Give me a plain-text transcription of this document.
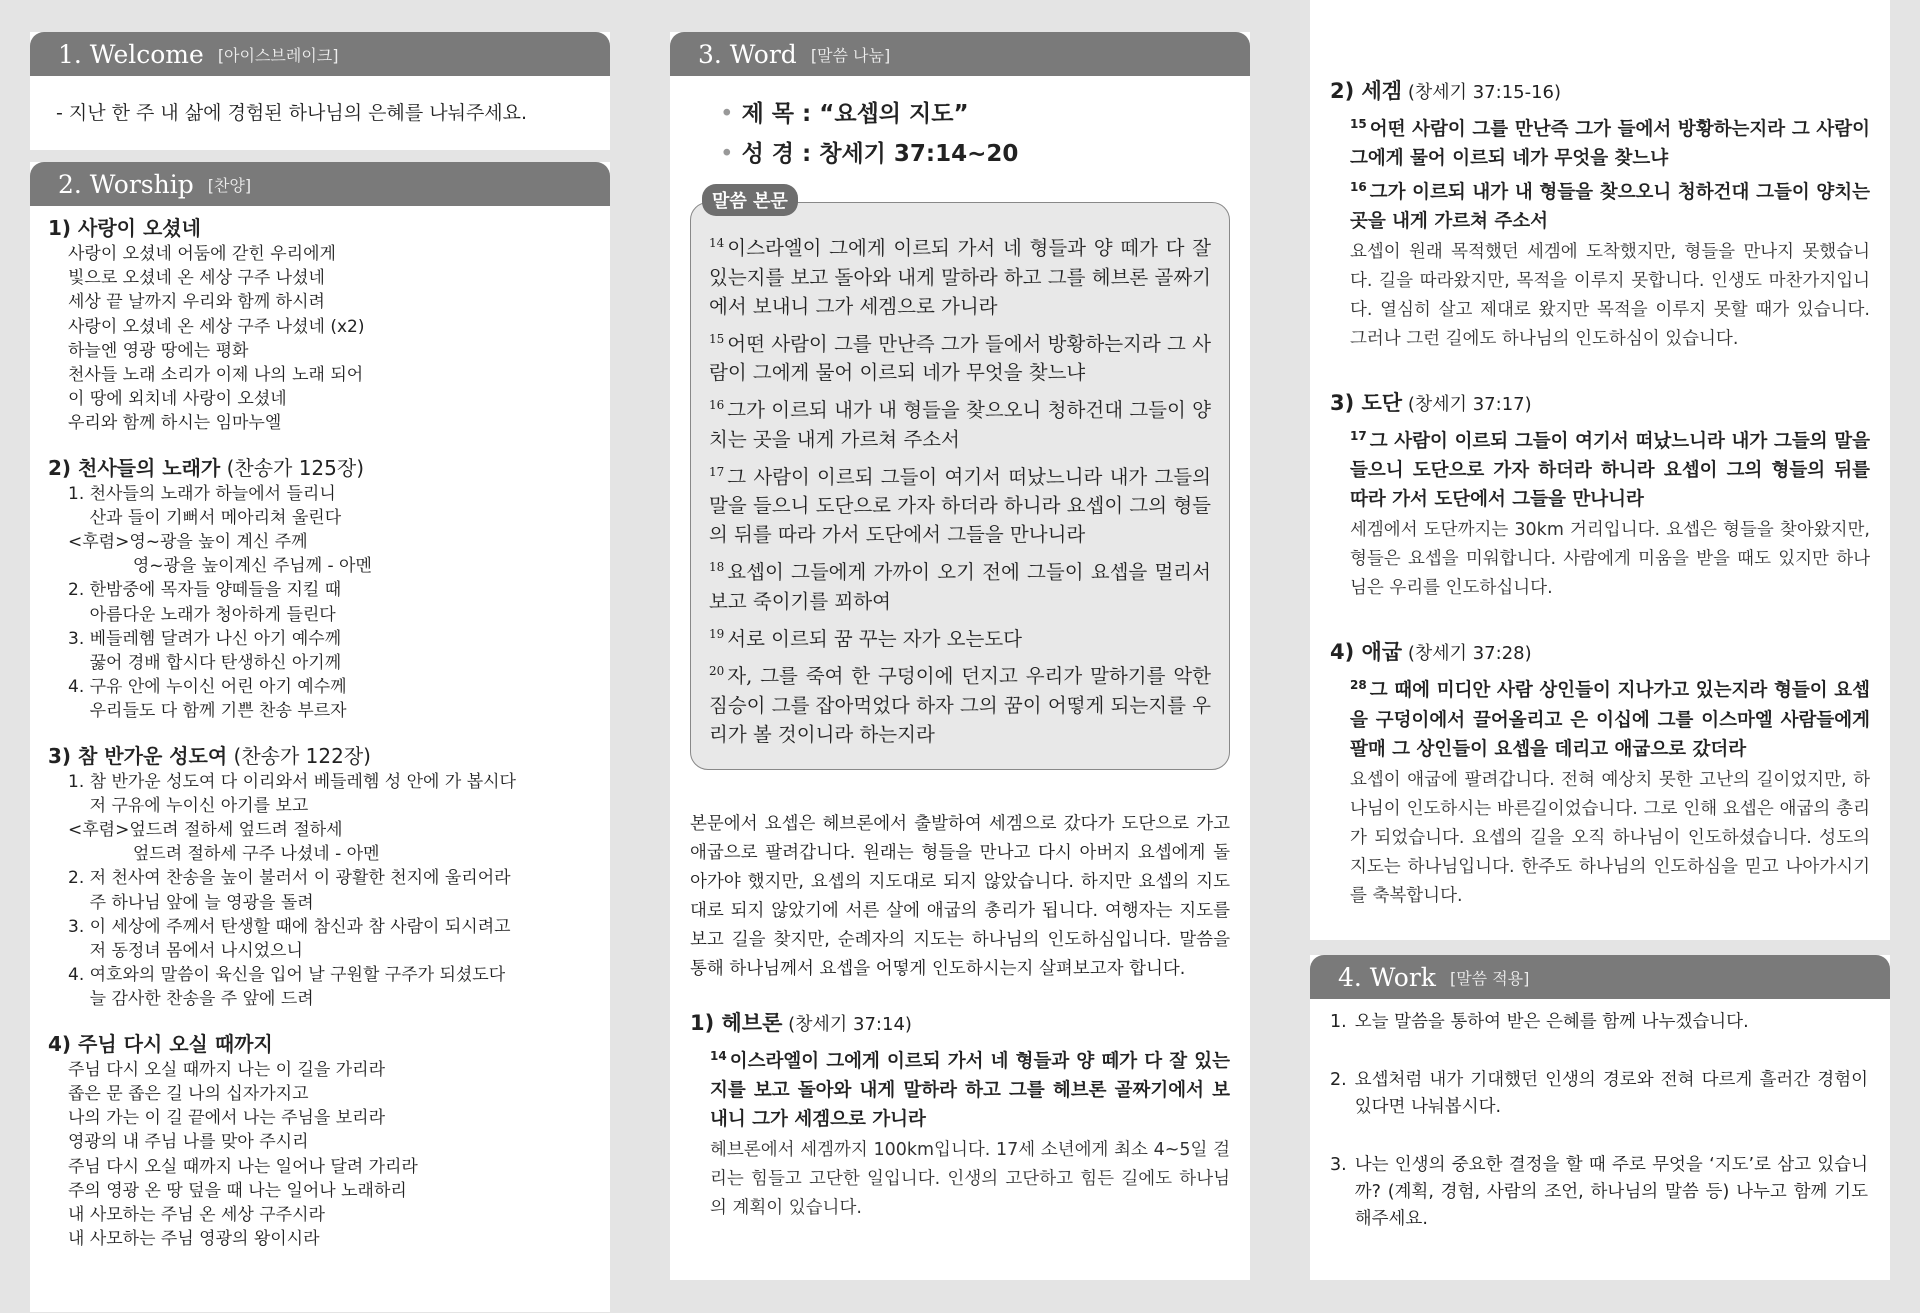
1. Welcome [아이스브레이크]
- 지난 한 주 내 삶에 경험된 하나님의 은혜를 나눠주세요.
2. Worship [찬양]
1) 사랑이 오셨네
사랑이 오셨네 어둠에 갇힌 우리에게
빛으로 오셨네 온 세상 구주 나셨네
세상 끝 날까지 우리와 함께 하시려
사랑이 오셨네 온 세상 구주 나셨네 (x2)
하늘엔 영광 땅에는 평화
천사들 노래 소리가 이제 나의 노래 되어
이 땅에 외치네 사랑이 오셨네
우리와 함께 하시는 임마누엘
2) 천사들의 노래가 (찬송가 125장)
1. 천사들의 노래가 하늘에서 들리니
산과 들이 기뻐서 메아리쳐 울린다
<후렴>영~광을 높이 계신 주께
영~광을 높이계신 주님께 - 아멘
2. 한밤중에 목자들 양떼들을 지킬 때
아름다운 노래가 청아하게 들린다
3. 베들레헴 달려가 나신 아기 예수께
꿇어 경배 합시다 탄생하신 아기께
4. 구유 안에 누이신 어린 아기 예수께
우리들도 다 함께 기쁜 찬송 부르자
3) 참 반가운 성도여 (찬송가 122장)
1. 참 반가운 성도여 다 이리와서 베들레헴 성 안에 가 봅시다
저 구유에 누이신 아기를 보고
<후렴>엎드려 절하세 엎드려 절하세
엎드려 절하세 구주 나셨네 - 아멘
2. 저 천사여 찬송을 높이 불러서 이 광활한 천지에 울리어라
주 하나님 앞에 늘 영광을 돌려
3. 이 세상에 주께서 탄생할 때에 참신과 참 사람이 되시려고
저 동정녀 몸에서 나시었으니
4. 여호와의 말씀이 육신을 입어 날 구원할 구주가 되셨도다
늘 감사한 찬송을 주 앞에 드려
4) 주님 다시 오실 때까지
주님 다시 오실 때까지 나는 이 길을 가리라
좁은 문 좁은 길 나의 십자가지고
나의 가는 이 길 끝에서 나는 주님을 보리라
영광의 내 주님 나를 맞아 주시리
주님 다시 오실 때까지 나는 일어나 달려 가리라
주의 영광 온 땅 덮을 때 나는 일어나 노래하리
내 사모하는 주님 온 세상 구주시라
내 사모하는 주님 영광의 왕이시라
3. Word [말씀 나눔]
• 제 목 : “요셉의 지도”
• 성 경 : 창세기 37:14~20
말씀 본문
$^{14}$ 이스라엘이 그에게 이르되 가서 네 형들과 양 떼가 다 잘 있는지를 보고 돌아와 내게 말하라 하고 그를 헤브론 골짜기에서 보내니 그가 세겜으로 가니라
$^{15}$ 어떤 사람이 그를 만난즉 그가 들에서 방황하는지라 그 사람이 그에게 물어 이르되 네가 무엇을 찾느냐
$^{16}$ 그가 이르되 내가 내 형들을 찾으오니 청하건대 그들이 양치는 곳을 내게 가르쳐 주소서
$^{17}$ 그 사람이 이르되 그들이 여기서 떠났느니라 내가 그들의 말을 들으니 도단으로 가자 하더라 하니라 요셉이 그의 형들의 뒤를 따라 가서 도단에서 그들을 만나니라
$^{18}$ 요셉이 그들에게 가까이 오기 전에 그들이 요셉을 멀리서 보고 죽이기를 꾀하여
$^{19}$ 서로 이르되 꿈 꾸는 자가 오는도다
$^{20}$ 자, 그를 죽여 한 구덩이에 던지고 우리가 말하기를 악한 짐승이 그를 잡아먹었다 하자 그의 꿈이 어떻게 되는지를 우리가 볼 것이니라 하는지라
본문에서 요셉은 헤브론에서 출발하여 세겜으로 갔다가 도단으로 가고 애굽으로 팔려갑니다. 원래는 형들을 만나고 다시 아버지 요셉에게 돌아가야 했지만, 요셉의 지도대로 되지 않았습니다. 하지만 요셉의 지도대로 되지 않았기에 서른 살에 애굽의 총리가 됩니다. 여행자는 지도를 보고 길을 찾지만, 순례자의 지도는 하나님의 인도하심입니다. 말씀을 통해 하나님께서 요셉을 어떻게 인도하시는지 살펴보고자 합니다.
1) 헤브론 (창세기 37:14)
$^{14}$ 이스라엘이 그에게 이르되 가서 네 형들과 양 떼가 다 잘 있는지를 보고 돌아와 내게 말하라 하고 그를 헤브론 골짜기에서 보내니 그가 세겜으로 가니라
헤브론에서 세겜까지 100km입니다. 17세 소년에게 최소 4~5일 걸리는 힘들고 고단한 일입니다. 인생의 고단하고 힘든 길에도 하나님의 계획이 있습니다.
2) 세겜 (창세기 37:15-16)
$^{15}$ 어떤 사람이 그를 만난즉 그가 들에서 방황하는지라 그 사람이 그에게 물어 이르되 네가 무엇을 찾느냐
$^{16}$ 그가 이르되 내가 내 형들을 찾으오니 청하건대 그들이 양치는 곳을 내게 가르쳐 주소서
요셉이 원래 목적했던 세겜에 도착했지만, 형들을 만나지 못했습니다. 길을 따라왔지만, 목적을 이루지 못합니다. 인생도 마찬가지입니다. 열심히 살고 제대로 왔지만 목적을 이루지 못할 때가 있습니다. 그러나 그런 길에도 하나님의 인도하심이 있습니다.
3) 도단 (창세기 37:17)
$^{17}$ 그 사람이 이르되 그들이 여기서 떠났느니라 내가 그들의 말을 들으니 도단으로 가자 하더라 하니라 요셉이 그의 형들의 뒤를 따라 가서 도단에서 그들을 만나니라
세겜에서 도단까지는 30km 거리입니다. 요셉은 형들을 찾아왔지만, 형들은 요셉을 미워합니다. 사람에게 미움을 받을 때도 있지만 하나님은 우리를 인도하십니다.
4) 애굽 (창세기 37:28)
$^{28}$ 그 때에 미디안 사람 상인들이 지나가고 있는지라 형들이 요셉을 구덩이에서 끌어올리고 은 이십에 그를 이스마엘 사람들에게 팔매 그 상인들이 요셉을 데리고 애굽으로 갔더라
요셉이 애굽에 팔려갑니다. 전혀 예상치 못한 고난의 길이었지만, 하나님이 인도하시는 바른길이었습니다. 그로 인해 요셉은 애굽의 총리가 되었습니다. 요셉의 길을 오직 하나님이 인도하셨습니다. 성도의 지도는 하나님입니다. 한주도 하나님의 인도하심을 믿고 나아가시기를 축복합니다.
4. Work [말씀 적용]
1. 오늘 말씀을 통하여 받은 은혜를 함께 나누겠습니다.
2. 요셉처럼 내가 기대했던 인생의 경로와 전혀 다르게 흘러간 경험이 있다면 나눠봅시다.
3. 나는 인생의 중요한 결정을 할 때 주로 무엇을 ‘지도’로 삼고 있습니까? (계획, 경험, 사람의 조언, 하나님의 말씀 등) 나누고 함께 기도해주세요.
